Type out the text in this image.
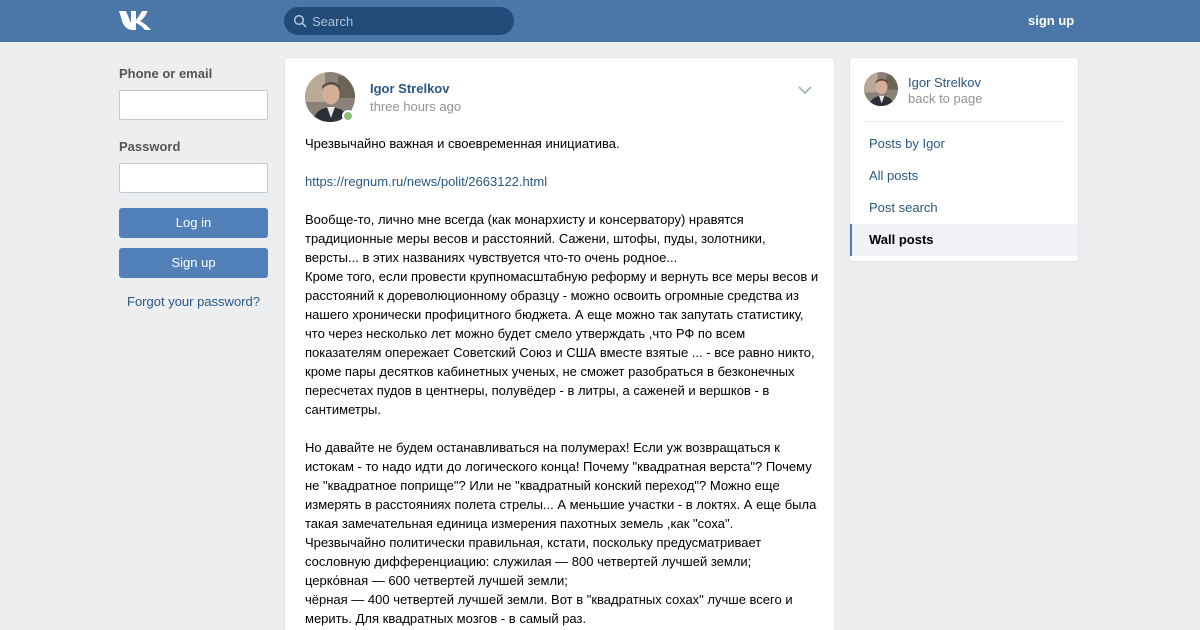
Search
sign up
Phone or email
Password
Log in
Sign up
Forgot your password?
Igor Strelkov
three hours ago

Чрезвычайно важная и своевременная инициатива.

https://regnum.ru/news/polit/2663122.html

Вообще-то, лично мне всегда (как монархисту и консерватору) нравятся традиционные меры весов и расстояний. Сажени, штофы, пуды, золотники, версты... в этих названиях чувствуется что-то очень родное...

Кроме того, если провести крупномасштабную реформу и вернуть все меры весов и расстояний к дореволюционному образцу - можно освоить огромные средства из нашего хронически профицитного бюджета. А еще можно так запутать статистику, что через несколько лет можно будет смело утверждать ,что РФ по всем показателям опережает Советский Союз и США вместе взятые ... - все равно никто, кроме пары десятков кабинетных ученых, не сможет разобраться в безконечных пересчетах пудов в центнеры, полувёдер - в литры, а саженей и вершков - в сантиметры.

Но давайте не будем останавливаться на полумерах! Если уж возвращаться к истокам - то надо идти до логического конца! Почему "квадратная верста"? Почему не "квадратное поприще"? Или не "квадратный конский переход"? Можно еще измерять в расстояниях полета стрелы... А меньшие участки - в локтях. А еще была такая замечательная единица измерения пахотных земель ,как "соха".

Чрезвычайно политически правильная, кстати, поскольку предусматривает сословную дифференциацию: служилая — 800 четвертей лучшей земли;

церко́вная — 600 четвертей лучшей земли;

чёрная — 400 четвертей лучшей земли. Вот в "квадратных сохах" лучше всего и мерить. Для квадратных мозгов - в самый раз.

Igor Strelkov
back to page
Posts by Igor
All posts
Post search
Wall posts
